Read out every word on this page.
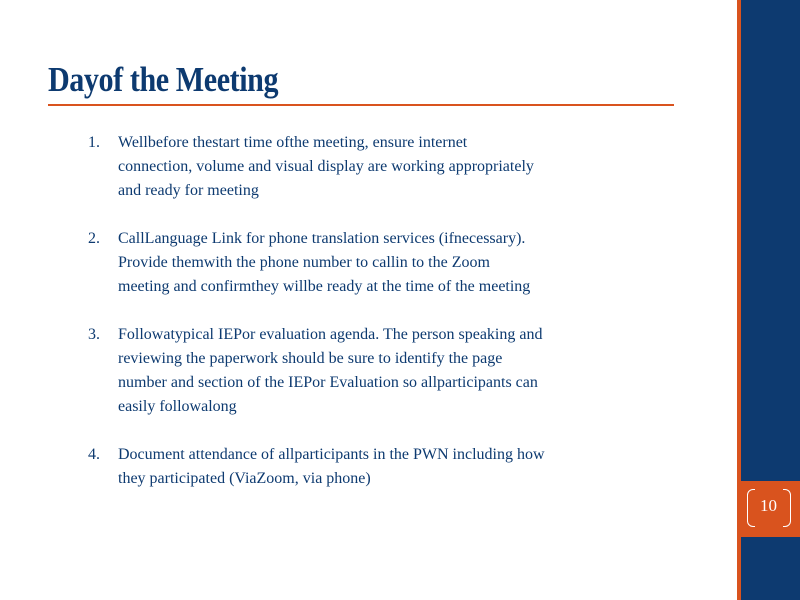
10
Dayof the Meeting
1. Wellbefore thestart time ofthe meeting, ensure internet
connection, volume and visual display are working appropriately
and ready for meeting
2. CallLanguage Link for phone translation services (ifnecessary).
Provide themwith the phone number to callin to the Zoom
meeting and confirmthey willbe ready at the time of the meeting
3. Followatypical IEPor evaluation agenda. The person speaking and
reviewing the paperwork should be sure to identify the page
number and section of the IEPor Evaluation so allparticipants can
easily followalong
4. Document attendance of allparticipants in the PWN including how
they participated (ViaZoom, via phone)
